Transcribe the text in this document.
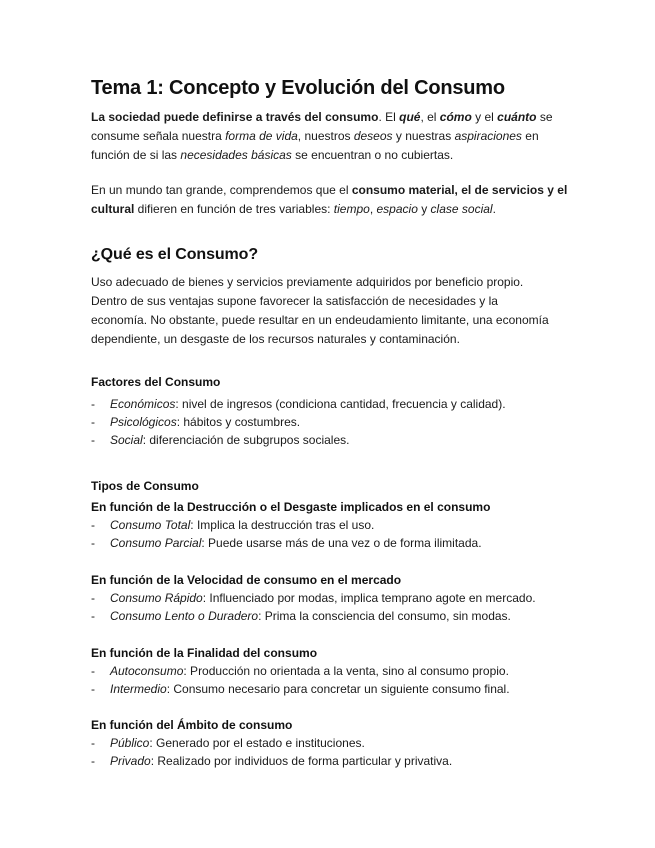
Tema 1: Concepto y Evolución del Consumo
La sociedad puede definirse a través del consumo. El qué, el cómo y el cuánto se consume señala nuestra forma de vida, nuestros deseos y nuestras aspiraciones en función de si las necesidades básicas se encuentran o no cubiertas.
En un mundo tan grande, comprendemos que el consumo material, el de servicios y el cultural difieren en función de tres variables: tiempo, espacio y clase social.
¿Qué es el Consumo?
Uso adecuado de bienes y servicios previamente adquiridos por beneficio propio. Dentro de sus ventajas supone favorecer la satisfacción de necesidades y la economía. No obstante, puede resultar en un endeudamiento limitante, una economía dependiente, un desgaste de los recursos naturales y contaminación.
Factores del Consumo
- Económicos: nivel de ingresos (condiciona cantidad, frecuencia y calidad).
- Psicológicos: hábitos y costumbres.
- Social: diferenciación de subgrupos sociales.
Tipos de Consumo
En función de la Destrucción o el Desgaste implicados en el consumo
- Consumo Total: Implica la destrucción tras el uso.
- Consumo Parcial: Puede usarse más de una vez o de forma ilimitada.
En función de la Velocidad de consumo en el mercado
- Consumo Rápido: Influenciado por modas, implica temprano agote en mercado.
- Consumo Lento o Duradero: Prima la consciencia del consumo, sin modas.
En función de la Finalidad del consumo
- Autoconsumo: Producción no orientada a la venta, sino al consumo propio.
- Intermedio: Consumo necesario para concretar un siguiente consumo final.
En función del Ámbito de consumo
- Público: Generado por el estado e instituciones.
- Privado: Realizado por individuos de forma particular y privativa.
